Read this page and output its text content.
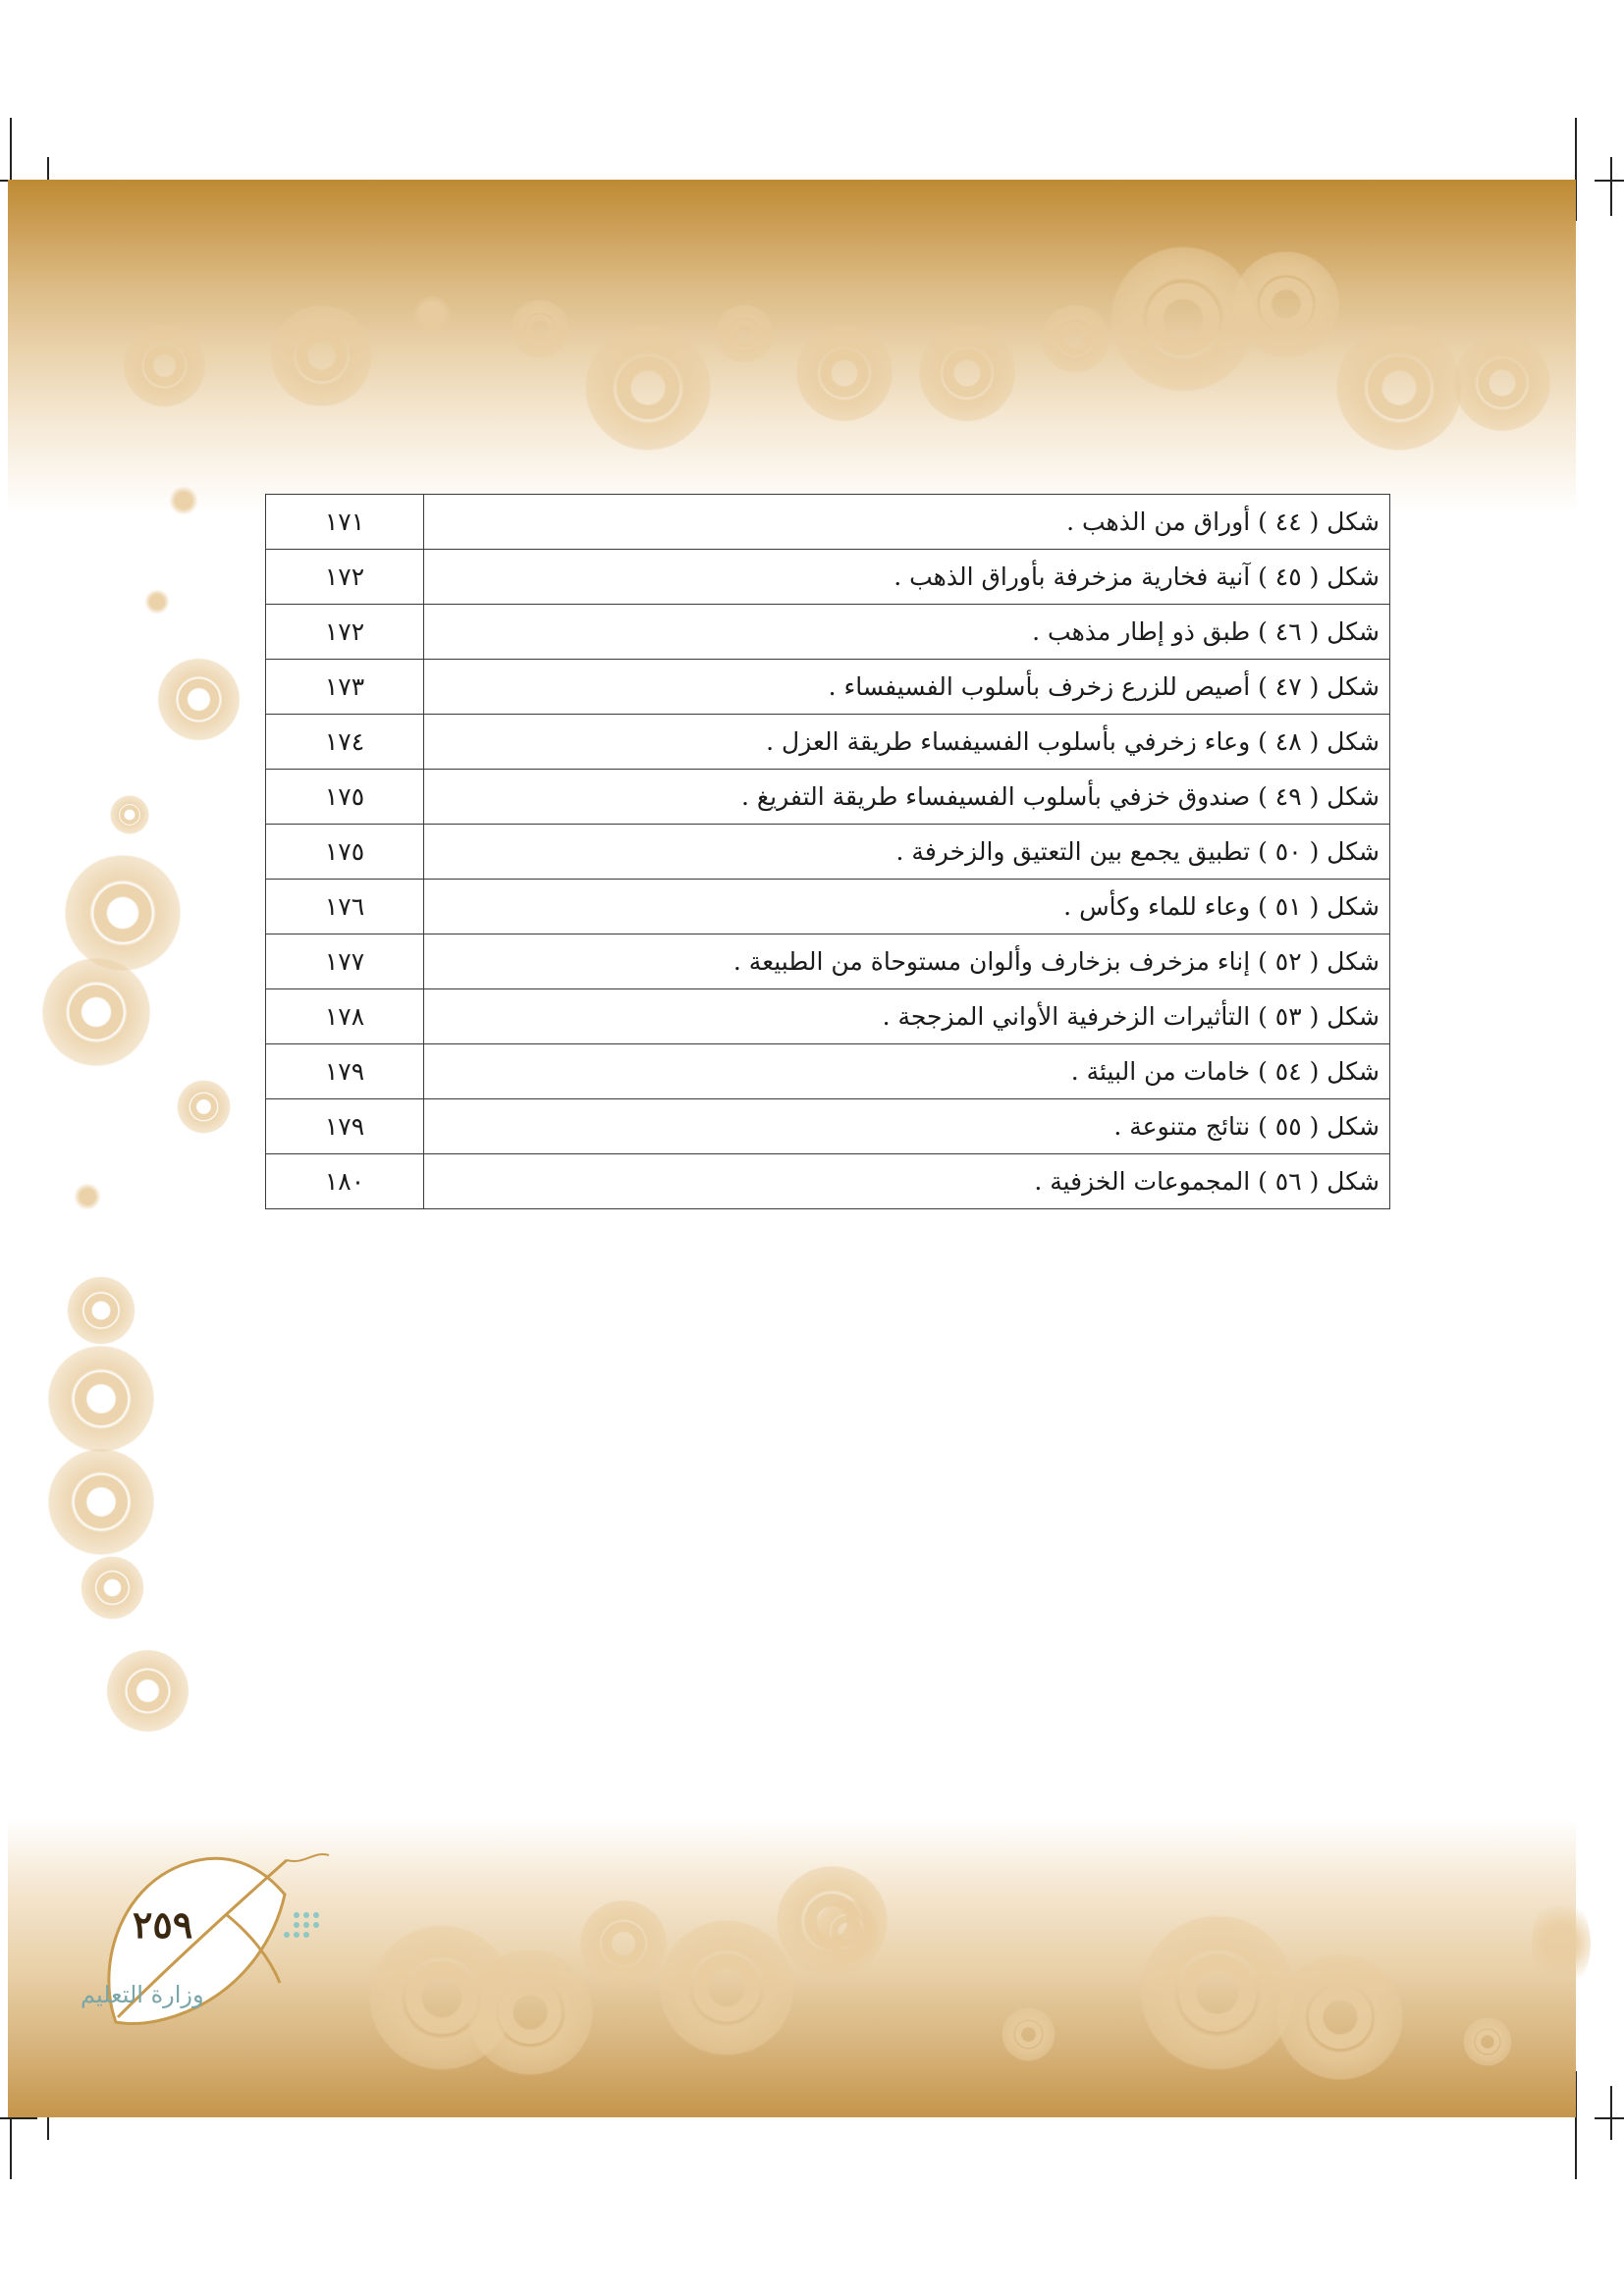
شكل ( ٤٤ ) أوراق من الذهب .	١٧١
شكل ( ٤٥ ) آنية فخارية مزخرفة بأوراق الذهب .	١٧٢
شكل ( ٤٦ ) طبق ذو إطار مذهب .	١٧٢
شكل ( ٤٧ ) أصيص للزرع زخرف بأسلوب الفسيفساء .	١٧٣
شكل ( ٤٨ ) وعاء زخرفي بأسلوب الفسيفساء طريقة العزل .	١٧٤
شكل ( ٤٩ ) صندوق خزفي بأسلوب الفسيفساء طريقة التفريغ .	١٧٥
شكل ( ٥٠ ) تطبيق يجمع بين التعتيق والزخرفة .	١٧٥
شكل ( ٥١ ) وعاء للماء وكأس .	١٧٦
شكل ( ٥٢ ) إناء مزخرف بزخارف وألوان مستوحاة من الطبيعة .	١٧٧
شكل ( ٥٣ ) التأثيرات الزخرفية الأواني المزججة .	١٧٨
شكل ( ٥٤ ) خامات من البيئة .	١٧٩
شكل ( ٥٥ ) نتائج متنوعة .	١٧٩
شكل ( ٥٦ ) المجموعات الخزفية .	١٨٠
٢٥٩
وزارة التعليم
